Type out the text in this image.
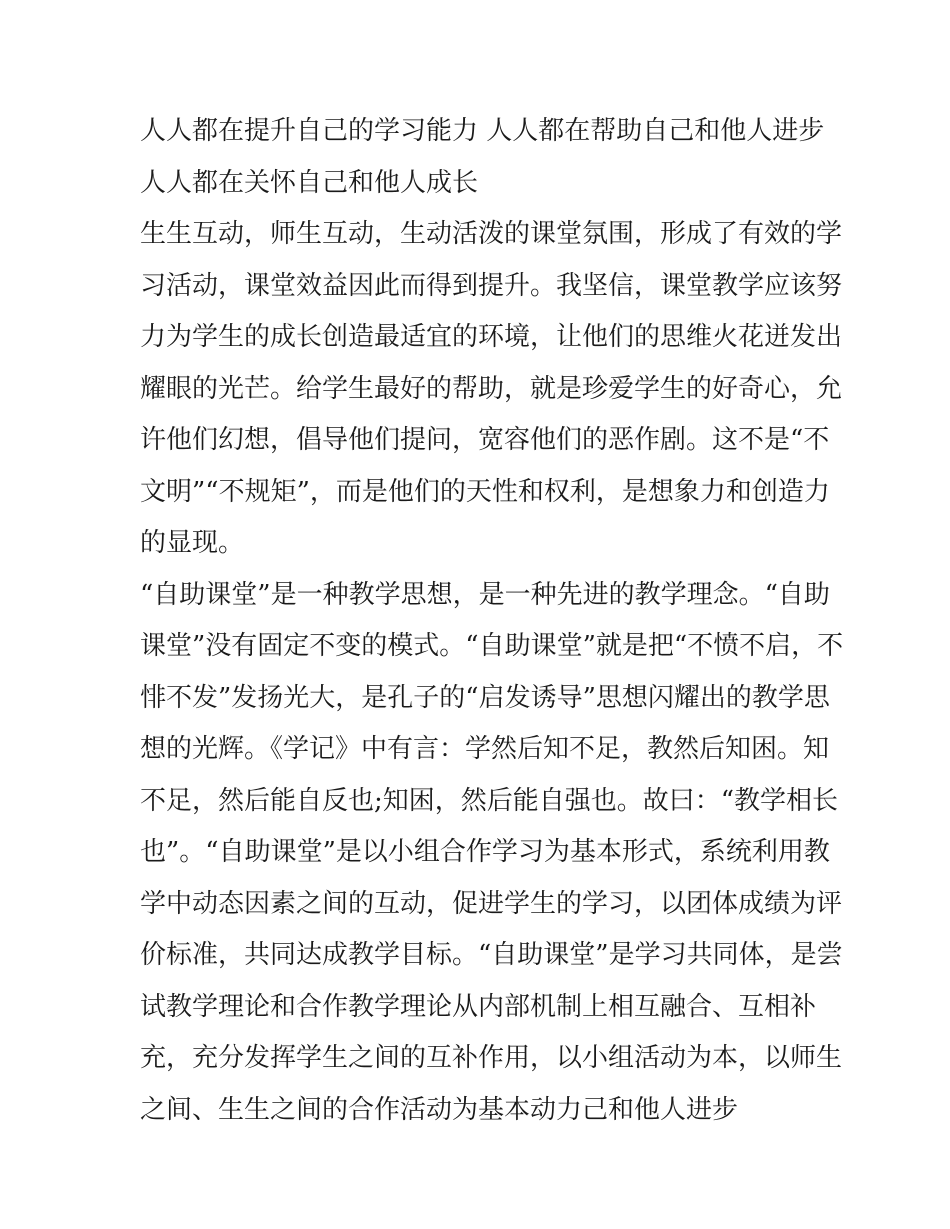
人人都在提升自己的学习能力 人人都在帮助自己和他人进步
人人都在关怀自己和他人成长
生生互动，师生互动，生动活泼的课堂氛围，形成了有效的学
习活动，课堂效益因此而得到提升。我坚信，课堂教学应该努
力为学生的成长创造最适宜的环境，让他们的思维火花迸发出
耀眼的光芒。给学生最好的帮助，就是珍爱学生的好奇心，允
许他们幻想，倡导他们提问，宽容他们的恶作剧。这不是“不
文明”“不规矩”，而是他们的天性和权利，是想象力和创造力
的显现。
“自助课堂”是一种教学思想，是一种先进的教学理念。“自助
课堂”没有固定不变的模式。“自助课堂”就是把“不愤不启，不
悱不发”发扬光大，是孔子的“启发诱导”思想闪耀出的教学思
想的光辉。《学记》中有言：学然后知不足，教然后知困。知
不足，然后能自反也;知困，然后能自强也。故曰：“教学相长
也”。“自助课堂”是以小组合作学习为基本形式，系统利用教
学中动态因素之间的互动，促进学生的学习，以团体成绩为评
价标准，共同达成教学目标。“自助课堂”是学习共同体，是尝
试教学理论和合作教学理论从内部机制上相互融合、互相补
充，充分发挥学生之间的互补作用，以小组活动为本，以师生
之间、生生之间的合作活动为基本动力己和他人进步
